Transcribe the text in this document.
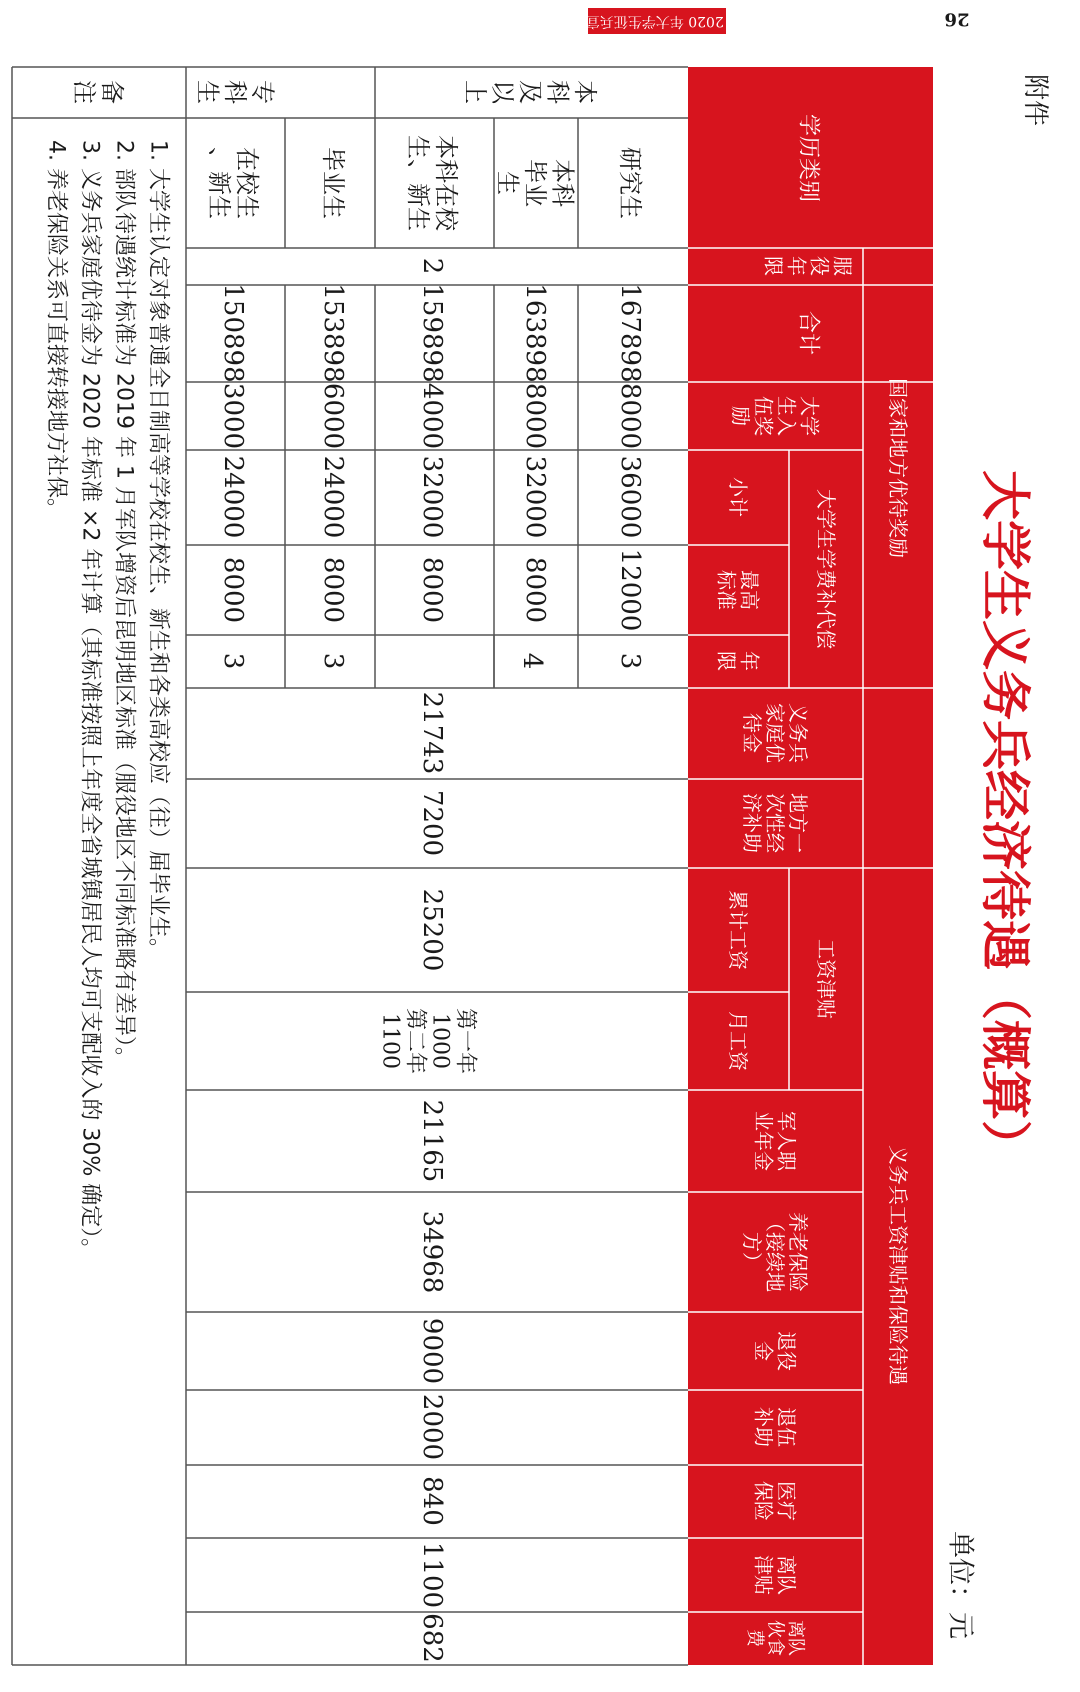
云南省 2020 年大学生征兵宣传手册	26
附件
大学生义务兵经济待遇（概算）
单位：元
国家和地方优待奖励
义务兵工资津贴和保险待遇
大学生学费补代偿
工资津贴
学历类别
服
役
年
限
合计
大学
生入
伍奖
励
小计
最高
标准
年
限
义务兵
家庭优
待金
地方一
次性经
济补助
累计工资
月工资
军人职
业年金
养老保险
（接续地
方）
退役
金
退伍
补助
医疗
保险
离队
津贴
离队
伙食
费
本
科
及
以
上
专
科
生
备
注
研究生
167898
8000
36000
12000
本科
毕业
生
163898
8000
32000
8000
本科在校
生、新生
159898
4000
32000
8000
毕业生
153898
6000
24000
8000
在校生
、新生
150898
3000
24000
8000
3
4
3
3
2
21743
7200
25200
第一年
1000
第二年
1100
21165
34968
9000
2000
840
1100
682
1. 大学生认定对象普通全日制高等学校在校生、新生和各类高校应（往）届毕业生。
2. 部队待遇统计标准为 2019 年 1 月军队增资后昆明地区标准（服役地区不同标准略有差异）。
3. 义务兵家庭优待金为 2020 年标准 ×2 年计算（其标准按照上年度全省城镇居民人均可支配收入的 30% 确定）。
4. 养老保险关系可直接转接地方社保。
